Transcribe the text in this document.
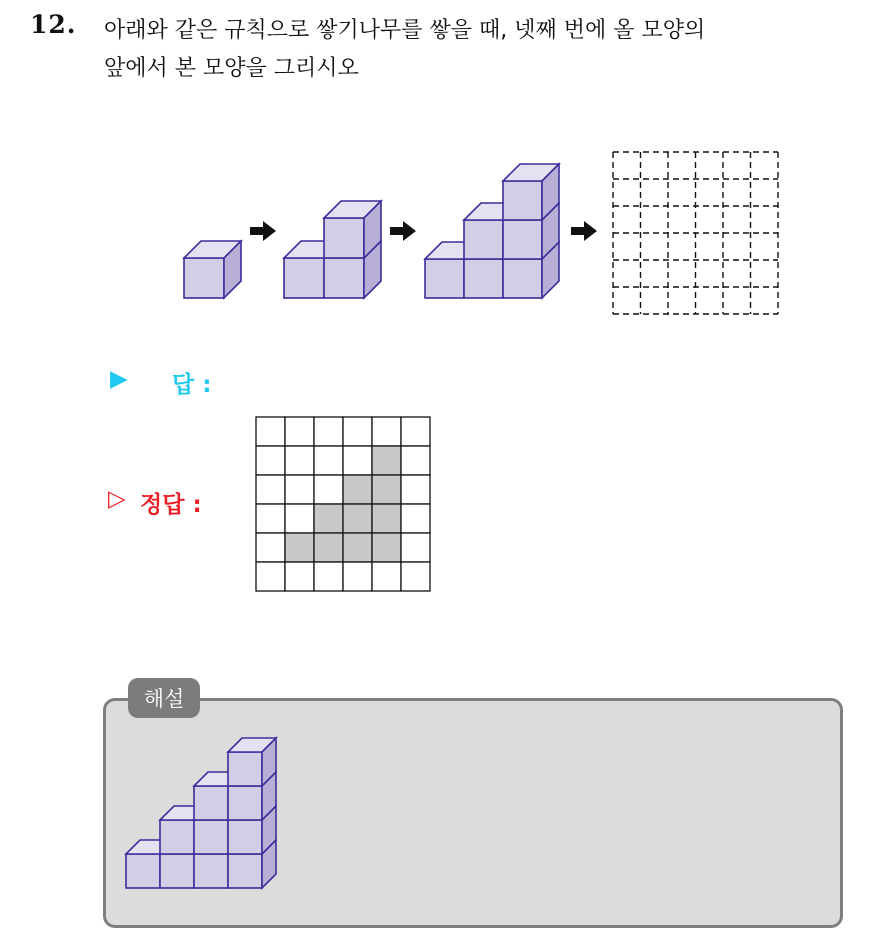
12. 아래와 같은 규칙으로 쌓기나무를 쌓을 때, 넷째 번에 올 모양의
앞에서 본 모양을 그리시오
▶ 답 :
▷ 정답 :
해설
